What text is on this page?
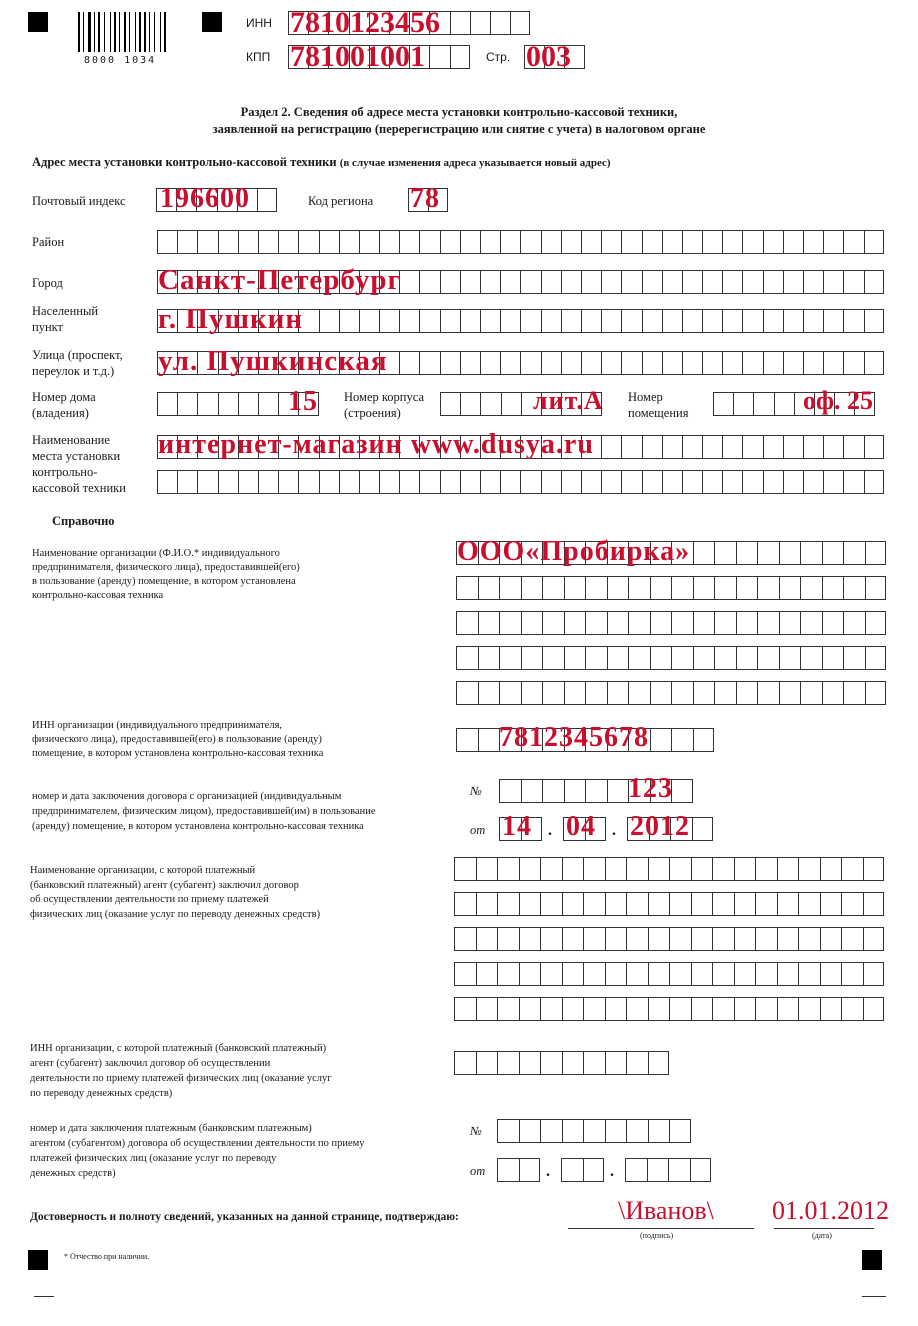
8000 1034
ИНН 7810123456
КПП 781001001	Стр. 003
Раздел 2. Сведения об адресе места установки контрольно-кассовой техники,
заявленной на регистрацию (перерегистрацию или снятие с учета) в налоговом органе
Адрес места установки контрольно-кассовой техники (в случае изменения адреса указывается новый адрес)
Почтовый индекс 196600	Код региона 78
Район
Город	Санкт-Петербург
Населенный
пункт	г. Пушкин
Улица (проспект,
переулок и т.д.) ул. Пушкинская
Номер дома
(владения)	15 Номер корпуса
(строения)	лит.А Номер
помещения	оф. 25
Наименование
места установки
контрольно-
кассовой техники
интернет-магазин www.dusya.ru
Справочно
Наименование организации (Ф.И.О.* индивидуального
предпринимателя, физического лица), предоставившей(его)
в пользование (аренду) помещение, в котором установлена
контрольно-кассовая техника
ООО«Пробирка»
ИНН организации (индивидуального предпринимателя,
физического лица), предоставившей(его) в пользование (аренду)
помещение, в котором установлена контрольно-кассовая техника
7812345678
номер и дата заключения договора с организацией (индивидуальным
предпринимателем, физическим лицом), предоставившей(им) в пользование
(аренду) помещение, в котором установлена контрольно-кассовая техника
№	123
от 14 . 04 . 2012
Наименование организации, с которой платежный
(банковский платежный) агент (субагент) заключил договор
об осуществлении деятельности по приему платежей
физических лиц (оказание услуг по переводу денежных средств)
ИНН организации, с которой платежный (банковский платежный)
агент (субагент) заключил договор об осуществлении
деятельности по приему платежей физических лиц (оказание услуг
по переводу денежных средств)
номер и дата заключения платежным (банковским платежным)
агентом (субагентом) договора об осуществлении деятельности по приему
платежей физических лиц (оказание услуг по переводу
денежных средств)
№
от	.	.
Достоверность и полноту сведений, указанных на данной странице, подтверждаю:	\Иванов\
(подпись)
01.01.2012
(дата)
* Отчество при наличии.
